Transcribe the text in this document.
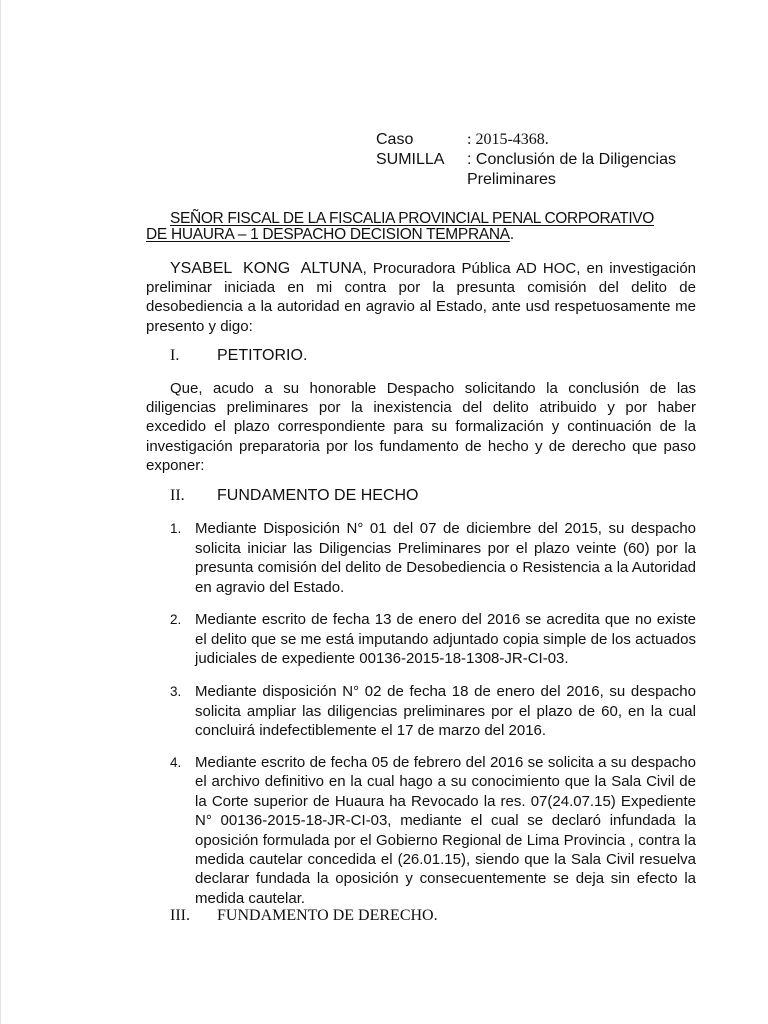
Caso	: 2015-4368.
SUMILLA : Conclusión de la Diligencias
Preliminares
SEÑOR FISCAL DE LA FISCALIA PROVINCIAL PENAL CORPORATIVO
DE HUAURA – 1 DESPACHO DECISION TEMPRANA.

YSABEL KONG ALTUNA, Procuradora Pública AD HOC, en investigación preliminar iniciada en mi contra por la presunta comisión del delito de desobediencia a la autoridad en agravio al Estado, ante usd respetuosamente me presento y digo:

I. PETITORIO.

Que, acudo a su honorable Despacho solicitando la conclusión de las diligencias preliminares por la inexistencia del delito atribuido y por haber excedido el plazo correspondiente para su formalización y continuación de la investigación preparatoria por los fundamento de hecho y de derecho que paso exponer:

II. FUNDAMENTO DE HECHO
1. Mediante Disposición N° 01 del 07 de diciembre del 2015, su despacho solicita iniciar las Diligencias Preliminares por el plazo veinte (60) por la presunta comisión del delito de Desobediencia o Resistencia a la Autoridad en agravio del Estado.

2. Mediante escrito de fecha 13 de enero del 2016 se acredita que no existe el delito que se me está imputando adjuntado copia simple de los actuados judiciales de expediente 00136-2015-18-1308-JR-CI-03.

3. Mediante disposición N° 02 de fecha 18 de enero del 2016, su despacho solicita ampliar las diligencias preliminares por el plazo de 60, en la cual concluirá indefectiblemente el 17 de marzo del 2016.

4. Mediante escrito de fecha 05 de febrero del 2016 se solicita a su despacho el archivo definitivo en la cual hago a su conocimiento que la Sala Civil de la Corte superior de Huaura ha Revocado la res. 07(24.07.15) Expediente N° 00136-2015-18-JR-CI-03, mediante el cual se declaró infundada la oposición formulada por el Gobierno Regional de Lima Provincia , contra la medida cautelar concedida el (26.01.15), siendo que la Sala Civil resuelva declarar fundada la oposición y consecuentemente se deja sin efecto la medida cautelar.

III. FUNDAMENTO DE DERECHO.
